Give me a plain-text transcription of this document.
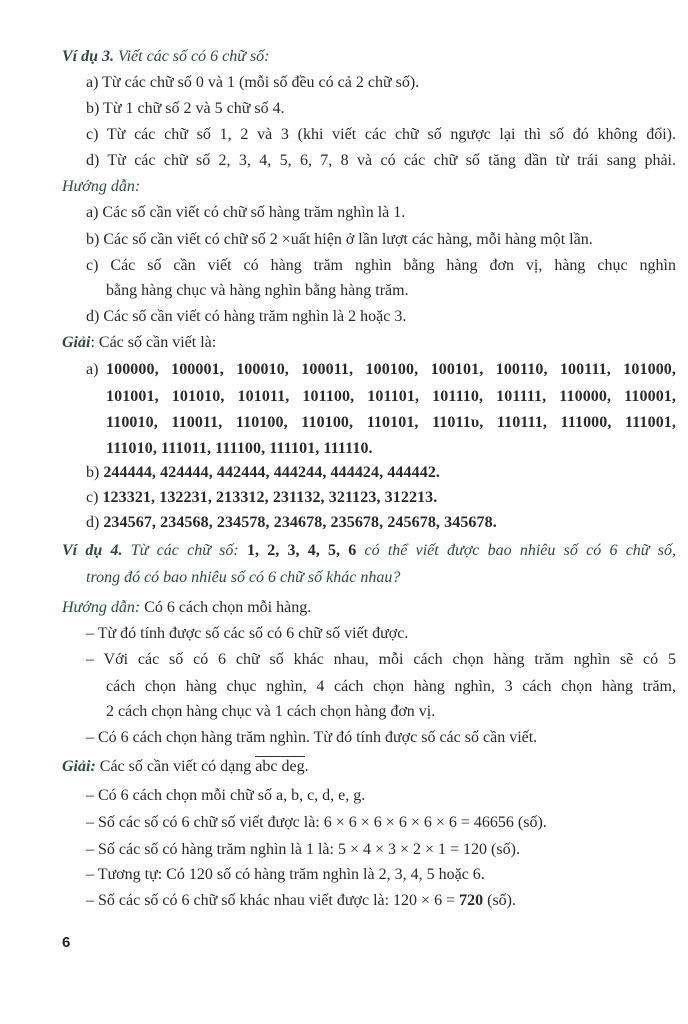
Ví dụ 3. Viết các số có 6 chữ số:
a) Từ các chữ số 0 và 1 (mỗi số đều có cả 2 chữ số).
b) Từ 1 chữ số 2 và 5 chữ số 4.
c) Từ các chữ số 1, 2 và 3 (khi viết các chữ số ngược lại thì số đó không đổi).
d) Từ các chữ số 2, 3, 4, 5, 6, 7, 8 và có các chữ số tăng dần từ trái sang phải.
Hướng dẫn:
a) Các số cần viết có chữ số hàng trăm nghìn là 1.
b) Các số cần viết có chữ số 2 ×uất hiện ở lần lượt các hàng, mỗi hàng một lần.
c) Các số cần viết có hàng trăm nghìn bằng hàng đơn vị, hàng chục nghìn
bằng hàng chục và hàng nghìn bằng hàng trăm.
d) Các số cần viết có hàng trăm nghìn là 2 hoặc 3.
Giải: Các số cần viết là:
a) 100000, 100001, 100010, 100011, 100100, 100101, 100110, 100111, 101000,
101001, 101010, 101011, 101100, 101101, 101110, 101111, 110000, 110001,
110010, 110011, 110100, 110100, 110101, 11011υ, 110111, 111000, 111001,
111010, 111011, 111100, 111101, 111110.
b) 244444, 424444, 442444, 444244, 444424, 444442.
c) 123321, 132231, 213312, 231132, 321123, 312213.
d) 234567, 234568, 234578, 234678, 235678, 245678, 345678.
Ví dụ 4. Từ các chữ số: 1, 2, 3, 4, 5, 6 có thể viết được bao nhiêu số có 6 chữ số,
trong đó có bao nhiêu số có 6 chữ số khác nhau?
Hướng dẫn: Có 6 cách chọn mỗi hàng.
– Từ đó tính được số các số có 6 chữ số viết được.
– Với các số có 6 chữ số khác nhau, mỗi cách chọn hàng trăm nghìn sẽ có 5
cách chọn hàng chục nghìn, 4 cách chọn hàng nghìn, 3 cách chọn hàng trăm,
2 cách chọn hàng chục và 1 cách chọn hàng đơn vị.
– Có 6 cách chọn hàng trăm nghìn. Từ đó tính được số các số cần viết.
Giải: Các số cần viết có dạng abc deg.
– Có 6 cách chọn mỗi chữ số a, b, c, d, e, g.
– Số các số có 6 chữ số viết được là: 6 × 6 × 6 × 6 × 6 × 6 = 46656 (số).
– Số các số có hàng trăm nghìn là 1 là: 5 × 4 × 3 × 2 × 1 = 120 (số).
– Tương tự: Có 120 số có hàng trăm nghìn là 2, 3, 4, 5 hoặc 6.
– Số các số có 6 chữ số khác nhau viết được là: 120 × 6 = 720 (số).
6
